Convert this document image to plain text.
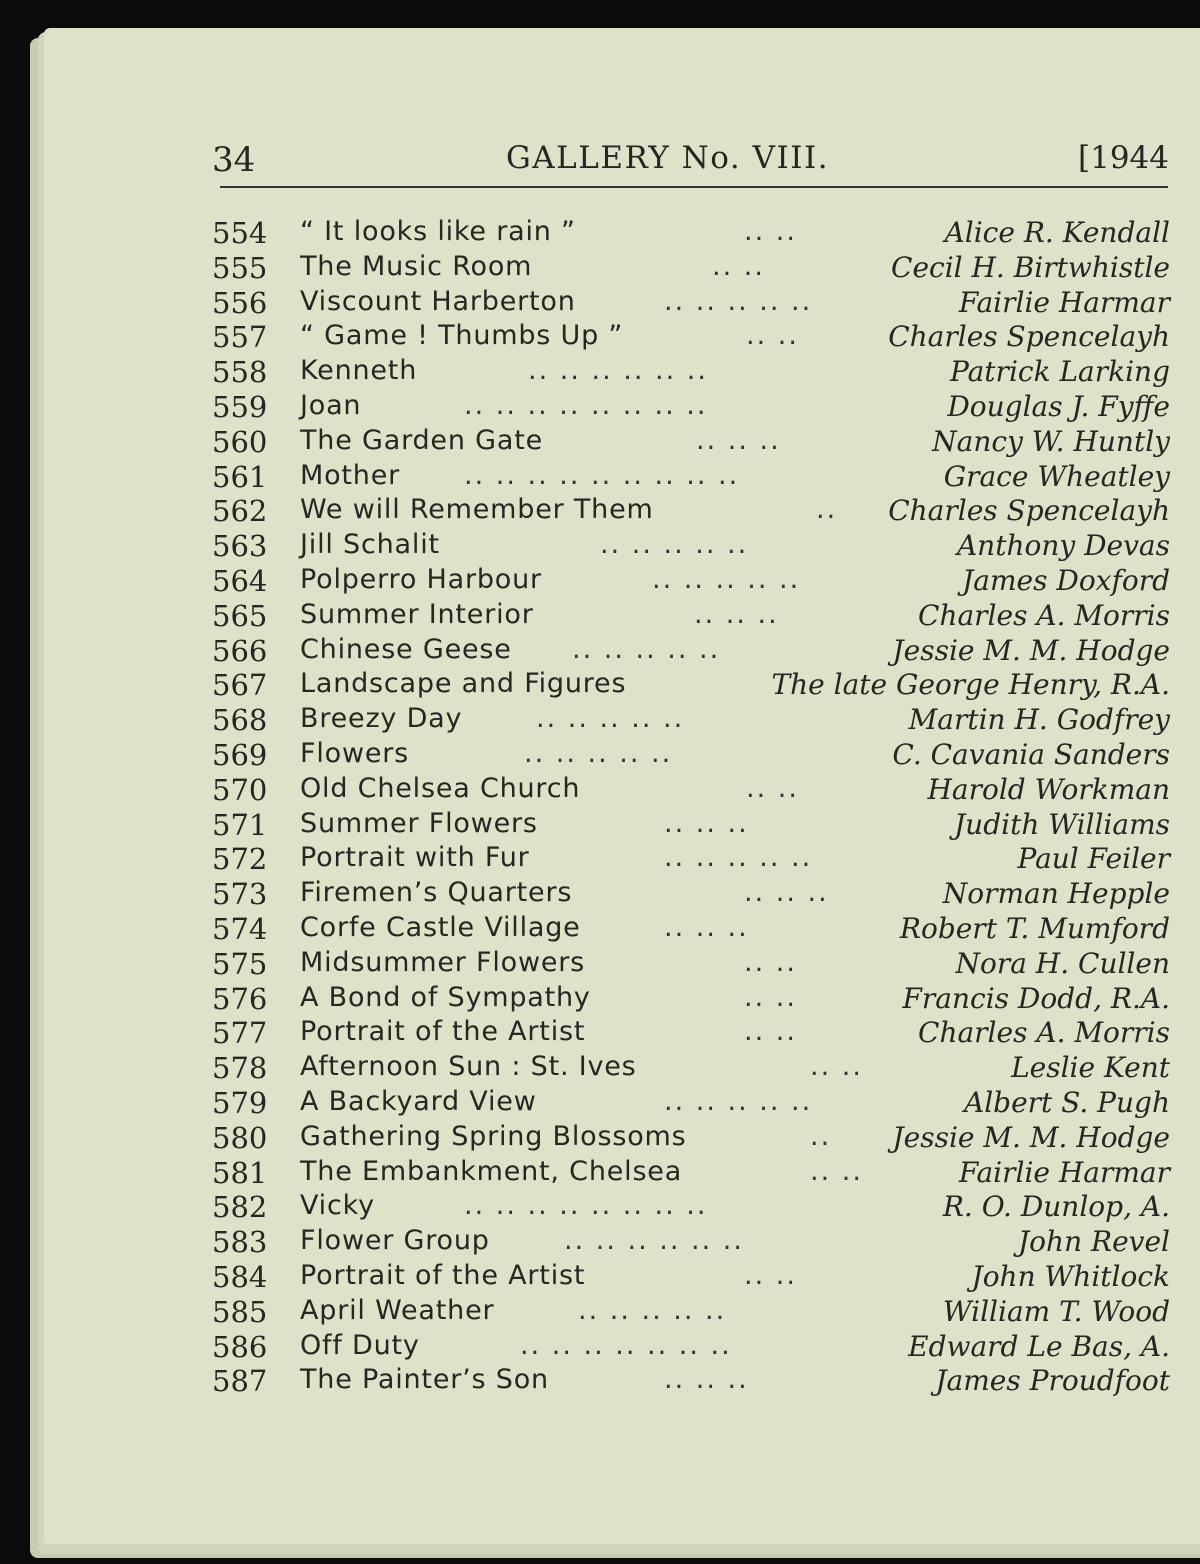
34	GALLERY No. VIII.	[1944
554 “ It looks like rain ”	.. ..	Alice R. Kendall
555 The Music Room	.. ..	Cecil H. Birtwhistle
556 Viscount Harberton	.. .. .. .. ..	Fairlie Harmar
557 “ Game ! Thumbs Up ”	.. ..	Charles Spencelayh
558 Kenneth	.. .. .. .. .. ..	Patrick Larking
559 Joan	.. .. .. .. .. .. .. ..	Douglas J. Fyffe
560 The Garden Gate	.. .. ..	Nancy W. Huntly
561 Mother .. .. .. .. .. .. .. .. ..	Grace Wheatley
562 We will Remember Them	.. Charles Spencelayh
563 Jill Schalit	.. .. .. .. ..	Anthony Devas
564 Polperro Harbour	.. .. .. .. ..	James Doxford
565 Summer Interior	.. .. ..	Charles A. Morris
566 Chinese Geese .. .. .. .. ..	Jessie M. M. Hodge
567 Landscape and Figures	The late George Henry, R.A.
568 Breezy Day	.. .. .. .. ..	Martin H. Godfrey
569 Flowers	.. .. .. .. ..	C. Cavania Sanders
570 Old Chelsea Church	.. ..	Harold Workman
571 Summer Flowers	.. .. ..	Judith Williams
572 Portrait with Fur	.. .. .. .. ..	Paul Feiler
573 Firemen’s Quarters	.. .. ..	Norman Hepple
574 Corfe Castle Village	.. .. ..	Robert T. Mumford
575 Midsummer Flowers	.. ..	Nora H. Cullen
576 A Bond of Sympathy	.. ..	Francis Dodd, R.A.
577 Portrait of the Artist	.. ..	Charles A. Morris
578 Afternoon Sun : St. Ives	.. ..	Leslie Kent
579 A Backyard View	.. .. .. .. ..	Albert S. Pugh
580 Gathering Spring Blossoms	.. Jessie M. M. Hodge
581 The Embankment, Chelsea	.. ..	Fairlie Harmar
582 Vicky	.. .. .. .. .. .. .. ..	R. O. Dunlop, A.
583 Flower Group	.. .. .. .. .. ..	John Revel
584 Portrait of the Artist	.. ..	John Whitlock
585 April Weather	.. .. .. .. ..	William T. Wood
586 Off Duty	.. .. .. .. .. .. ..	Edward Le Bas, A.
587 The Painter’s Son	.. .. ..	James Proudfoot
